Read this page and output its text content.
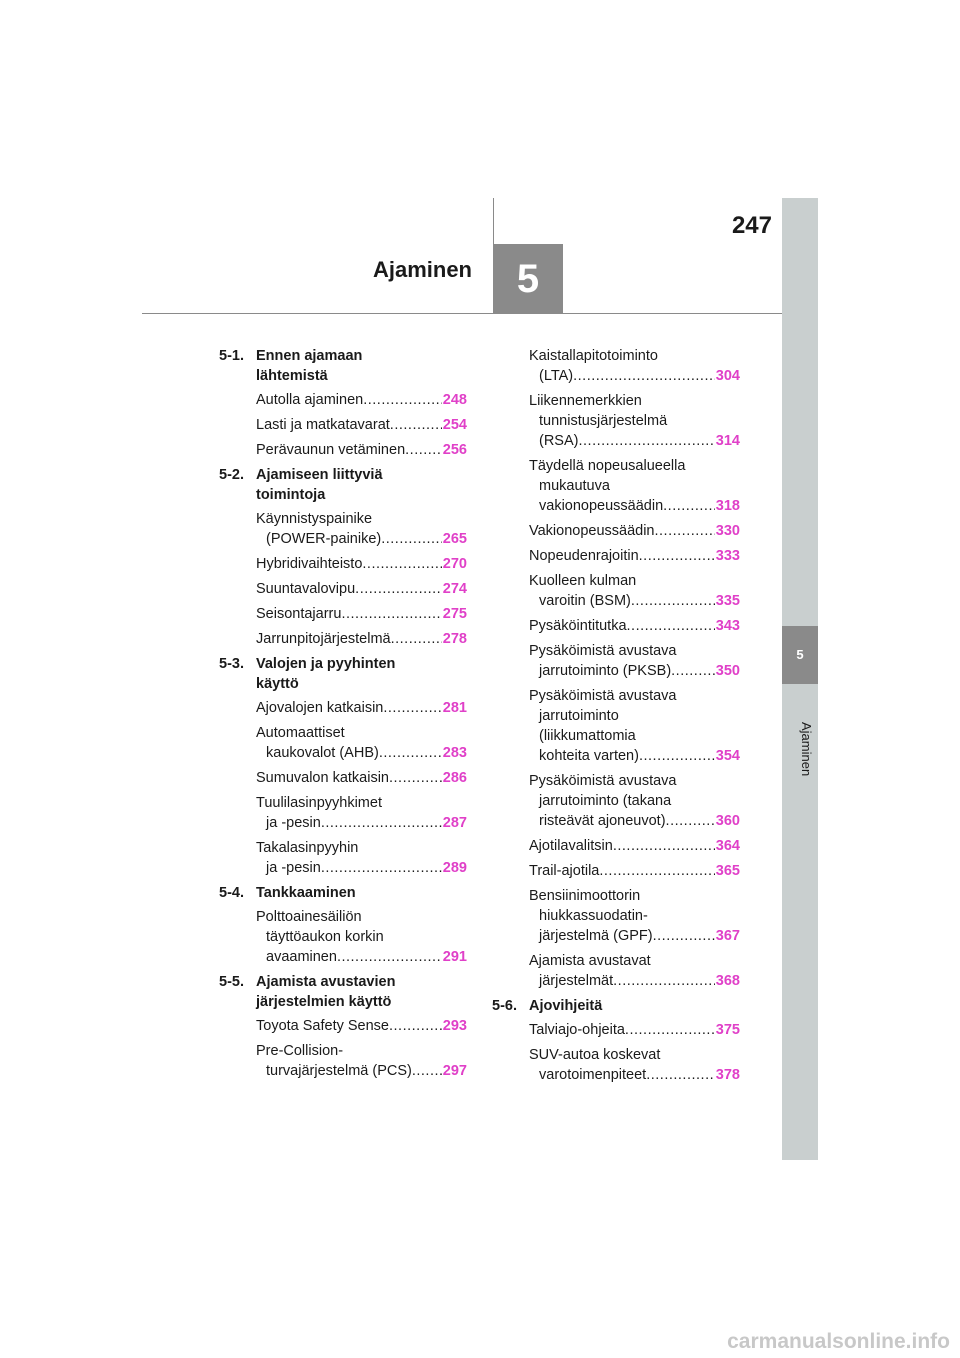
247
Ajaminen	5
5
Ajaminen
5-1. Ennen ajamaan
lähtemistä
Autolla ajaminen .....	248
Lasti ja matkatavarat .....	254
Perävaunun vetäminen .....	256
5-2. Ajamiseen liittyviä
toimintoja
Käynnistyspainike
(POWER-painike) .....	265
Hybridivaihteisto .....	270
Suuntavalovipu .....	274
Seisontajarru .....	275
Jarrunpitojärjestelmä .....	278
5-3. Valojen ja pyyhinten
käyttö
Ajovalojen katkaisin .....	281
Automaattiset
kaukovalot (AHB) .....	283
Sumuvalon katkaisin .....	286
Tuulilasinpyyhkimet
ja -pesin .....	287
Takalasinpyyhin
ja -pesin .....	289
5-4. Tankkaaminen
Polttoainesäiliön
täyttöaukon korkin
avaaminen .....	291
5-5. Ajamista avustavien
järjestelmien käyttö
Toyota Safety Sense .....	293
Pre-Collision-
turvajärjestelmä (PCS) ..... 297
Kaistallapitotoiminto
(LTA) .....	304
Liikennemerkkien
tunnistusjärjestelmä
(RSA) .....	314
Täydellä nopeusalueella
mukautuva
vakionopeussäädin .....	318
Vakionopeussäädin .....	330
Nopeudenrajoitin .....	333
Kuolleen kulman
varoitin (BSM) .....	335
Pysäköintitutka .....	343
Pysäköimistä avustava
jarrutoiminto (PKSB) .....	350
Pysäköimistä avustava
jarrutoiminto
(liikkumattomia
kohteita varten) .....	354
Pysäköimistä avustava
jarrutoiminto (takana
risteävät ajoneuvot) .....	360
Ajotilavalitsin .....	364
Trail-ajotila .....	365
Bensiinimoottorin
hiukkassuodatin-
järjestelmä (GPF) .....	367
Ajamista avustavat
järjestelmät .....	368
5-6. Ajovihjeitä
Talviajo-ohjeita .....	375
SUV-autoa koskevat
varotoimenpiteet .....	378
carmanualsonline.info
